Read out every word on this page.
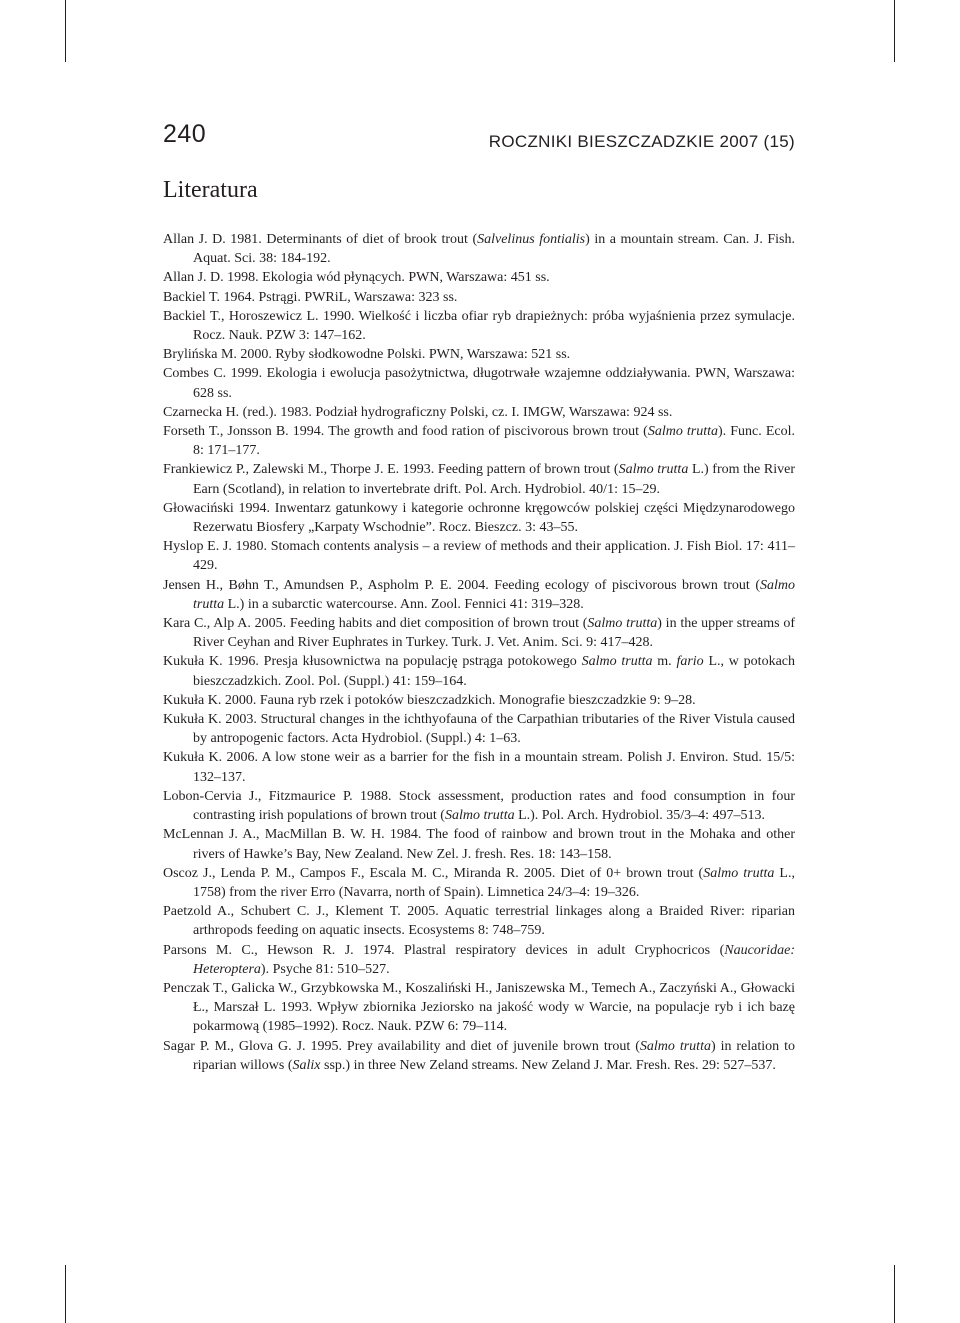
240	ROCZNIKI BIESZCZADZKIE 2007 (15)
Literatura
Allan J. D. 1981. Determinants of diet of brook trout (Salvelinus fontialis) in a mountain stream. Can. J. Fish. Aquat. Sci. 38: 184-192.
Allan J. D. 1998. Ekologia wód płynących. PWN, Warszawa: 451 ss.
Backiel T. 1964. Pstrągi. PWRiL, Warszawa: 323 ss.
Backiel T., Horoszewicz L. 1990. Wielkość i liczba ofiar ryb drapieżnych: próba wyjaśnienia przez symulacje. Rocz. Nauk. PZW 3: 147–162.
Brylińska M. 2000. Ryby słodkowodne Polski. PWN, Warszawa: 521 ss.
Combes C. 1999. Ekologia i ewolucja pasożytnictwa, długotrwałe wzajemne oddziaływania. PWN, Warszawa: 628 ss.
Czarnecka H. (red.). 1983. Podział hydrograficzny Polski, cz. I. IMGW, Warszawa: 924 ss.
Forseth T., Jonsson B. 1994. The growth and food ration of piscivorous brown trout (Salmo trutta). Func. Ecol. 8: 171–177.
Frankiewicz P., Zalewski M., Thorpe J. E. 1993. Feeding pattern of brown trout (Salmo trutta L.) from the River Earn (Scotland), in relation to invertebrate drift. Pol. Arch. Hydrobiol. 40/1: 15–29.
Głowaciński 1994. Inwentarz gatunkowy i kategorie ochronne kręgowców polskiej części Międzynarodowego Rezerwatu Biosfery „Karpaty Wschodnie”. Rocz. Bieszcz. 3: 43–55.
Hyslop E. J. 1980. Stomach contents analysis – a review of methods and their application. J. Fish Biol. 17: 411–429.
Jensen H., Bøhn T., Amundsen P., Aspholm P. E. 2004. Feeding ecology of piscivorous brown trout (Salmo trutta L.) in a subarctic watercourse. Ann. Zool. Fennici 41: 319–328.
Kara C., Alp A. 2005. Feeding habits and diet composition of brown trout (Salmo trutta) in the upper streams of River Ceyhan and River Euphrates in Turkey. Turk. J. Vet. Anim. Sci. 9: 417–428.
Kukuła K. 1996. Presja kłusownictwa na populację pstrąga potokowego Salmo trutta m. fario L., w potokach bieszczadzkich. Zool. Pol. (Suppl.) 41: 159–164.
Kukuła K. 2000. Fauna ryb rzek i potoków bieszczadzkich. Monografie bieszczadzkie 9: 9–28.
Kukuła K. 2003. Structural changes in the ichthyofauna of the Carpathian tributaries of the River Vistula caused by antropogenic factors. Acta Hydrobiol. (Suppl.) 4: 1–63.
Kukuła K. 2006. A low stone weir as a barrier for the fish in a mountain stream. Polish J. Environ. Stud. 15/5: 132–137.
Lobon-Cervia J., Fitzmaurice P. 1988. Stock assessment, production rates and food consumption in four contrasting irish populations of brown trout (Salmo trutta L.). Pol. Arch. Hydrobiol. 35/3–4: 497–513.
McLennan J. A., MacMillan B. W. H. 1984. The food of rainbow and brown trout in the Mohaka and other rivers of Hawke’s Bay, New Zealand. New Zel. J. fresh. Res. 18: 143–158.
Oscoz J., Lenda P. M., Campos F., Escala M. C., Miranda R. 2005. Diet of 0+ brown trout (Salmo trutta L., 1758) from the river Erro (Navarra, north of Spain). Limnetica 24/3–4: 19–326.
Paetzold A., Schubert C. J., Klement T. 2005. Aquatic terrestrial linkages along a Braided River: riparian arthropods feeding on aquatic insects. Ecosystems 8: 748–759.
Parsons M. C., Hewson R. J. 1974. Plastral respiratory devices in adult Cryphocricos (Naucoridae: Heteroptera). Psyche 81: 510–527.
Penczak T., Galicka W., Grzybkowska M., Koszaliński H., Janiszewska M., Temech A., Zaczyński A., Głowacki Ł., Marszał L. 1993. Wpływ zbiornika Jeziorsko na jakość wody w Warcie, na populacje ryb i ich bazę pokarmową (1985–1992). Rocz. Nauk. PZW 6: 79–114.
Sagar P. M., Glova G. J. 1995. Prey availability and diet of juvenile brown trout (Salmo trutta) in relation to riparian willows (Salix ssp.) in three New Zeland streams. New Zeland J. Mar. Fresh. Res. 29: 527–537.
